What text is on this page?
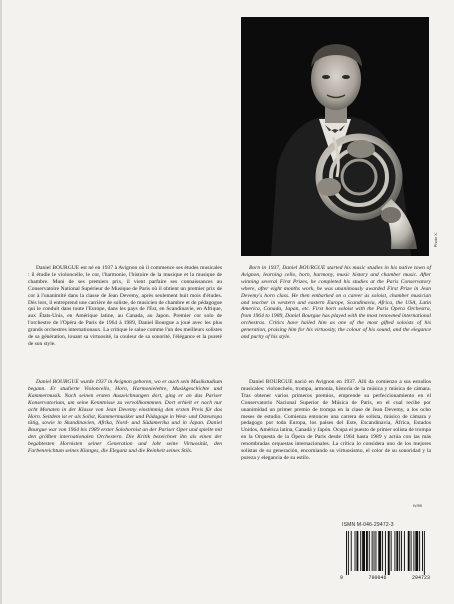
Photo X.

Daniel BOURGUE est né en 1937 à Avignon où il commence ses études musicales : il étudie le violoncelle, le cor, l'harmonie, l'histoire de la musique et la musique de chambre. Muni de ses premiers prix, il vient parfaire ses connaissances au Conservatoire National Supérieur de Musique de Paris où il obtient un premier prix de cor à l'unanimité dans la classe de Jean Devemy, après seulement huit mois d'études. Dès lors, il entreprend une carrière de soliste, de musicien de chambre et de pédagogue qui le conduit dans toute l'Europe, dans les pays de l'Est, en Scandinavie, en Afrique, aux États-Unis, en Amérique latine, au Canada, au Japon. Premier cor solo de l'orchestre de l'Opéra de Paris de 1964 à 1989, Daniel Bourgue a joué avec les plus grands orchestres internationaux. La critique le salue comme l'un des meilleurs solistes de sa génération, louant sa virtuosité, la couleur de sa sonorité, l'élégance et la pureté de son style.

Born in 1937, Daniel BOURGUE started his music studies in his native town of Avignon, learning cello, horn, harmony, music history and chamber music. After winning several First Prizes, he completed his studies at the Paris Conservatory where, after eight months work, he was unanimously awarded First Prize in Jean Devemy's horn class. He then embarked on a career as soloist, chamber musician and teacher in western and eastern Europe, Scandinavia, Africa, the USA, Latin America, Canada, Japan, etc. First horn soloist with the Paris Opera Orchestra, from 1964 to 1989, Daniel Bourgue has played with the most renowned international orchestras. Critics have hailed him as one of the most gifted soloists of his generation, praising him for his virtuosity, the colour of his sound, and the elegance and purity of his style.

Daniel BOURGUE wurde 1937 in Avignon geboren, wo er auch sein Musikstudium begann. Er studierte Violoncello, Horn, Harmonielehre, Musikgeschichte und Kammermusik. Nach seinen ersten Auszeichnungen dort, ging er an das Pariser Konservatorium, um seine Kenntnisse zu vervollkommnen. Dort erhielt er nach nur acht Monaten in der Klasse von Jean Devemy einstimmig den ersten Preis für das Horn. Seitdem ist er als Solist, Kammermusiker und Pädagoge in West- und Osteuropa tätig, sowie in Skandinavien, Afrika, Nord- und Südamerika und in Japan. Daniel Bourgue war von 1964 bis 1989 erster Solohornist an der Pariser Oper und spielte mit den größten internationalen Orchestern. Die Kritik bezeichnet ihn als einen der begabtesten Hornisten seiner Generation und lobt seine Virtuosität, den Farbenreichtum seines Klanges, die Eleganz und die Reinheit seines Stils.

Daniel BOURGUE nació en Avignon en 1937. Allí da comienzo a sus estudios musicales: violonchelo, trompa, armonía, historia de la música y música de cámara. Tras obtener varios primeros premios, emprende su perfeccionamiento en el Conservatorio Nacional Superior de Música de Paris, en el cual recibe por unanimidad un primer premio de trompa en la clase de Jean Devemy, a los ocho meses de estudio. Comienza entonces una carrera de solista, músico de cámara y pedagogo por toda Europa, los países del Este, Escandinavia, África, Estados Unidos, América latina, Canadá y Japón. Ocupa el puesto de primer solista de trompa en la Orquesta de la Ópera de Paris desde 1964 hasta 1989 y actúa con las más renombradas orquestas internacionales. La crítica lo considera uno de los mejores solistas de su generación, encomiando su virtuosismo, el color de su sonoridad y la pureza y elegancia de su estilo.

IV/99
ISMN M-046-29472-3
9	790046	294723
